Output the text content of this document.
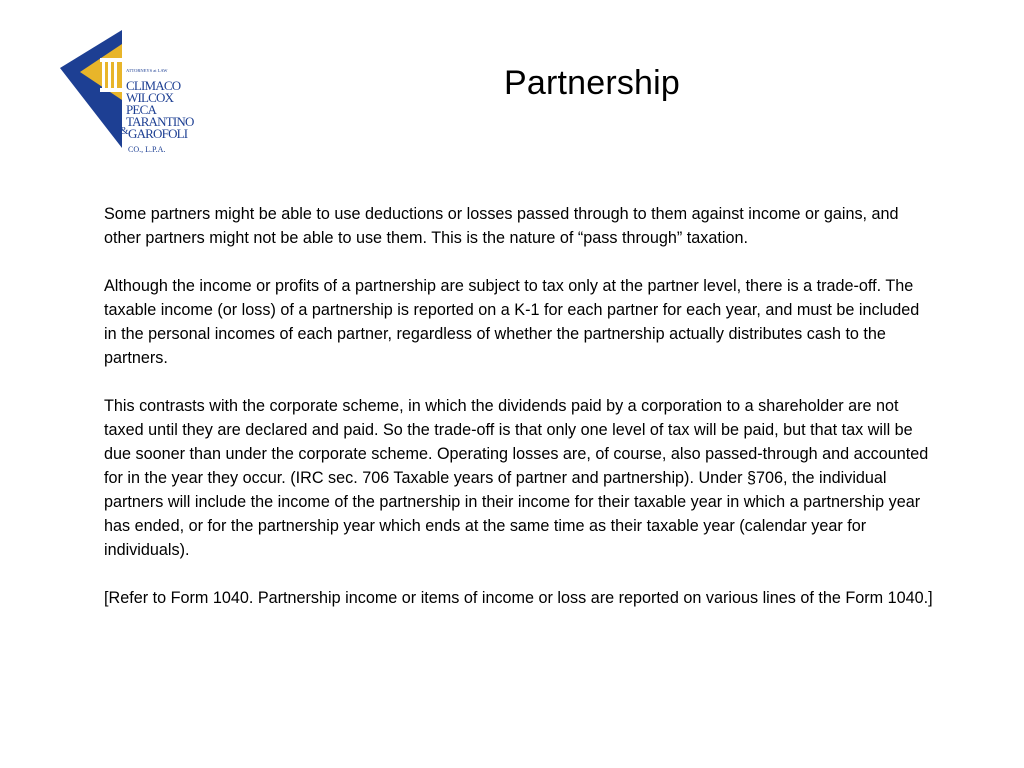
ATTORNEYS at LAW
CLIMACO
WILCOX
PECA
TARANTINO
& GAROFOLI
CO., L.P.A.
Partnership

Some partners might be able to use deductions or losses passed through to them against income or gains, and other partners might not be able to use them. This is the nature of “pass through” taxation.

Although the income or profits of a partnership are subject to tax only at the partner level, there is a trade-off. The taxable income (or loss) of a partnership is reported on a K-1 for each partner for each year, and must be included in the personal incomes of each partner, regardless of whether the partnership actually distributes cash to the partners.

This contrasts with the corporate scheme, in which the dividends paid by a corporation to a shareholder are not taxed until they are declared and paid. So the trade-off is that only one level of tax will be paid, but that tax will be due sooner than under the corporate scheme. Operating losses are, of course, also passed-through and accounted for in the year they occur. (IRC sec. 706 Taxable years of partner and partnership). Under §706, the individual partners will include the income of the partnership in their income for their taxable year in which a partnership year has ended, or for the partnership year which ends at the same time as their taxable year (calendar year for individuals).

[Refer to Form 1040. Partnership income or items of income or loss are reported on various lines of the Form 1040.]
